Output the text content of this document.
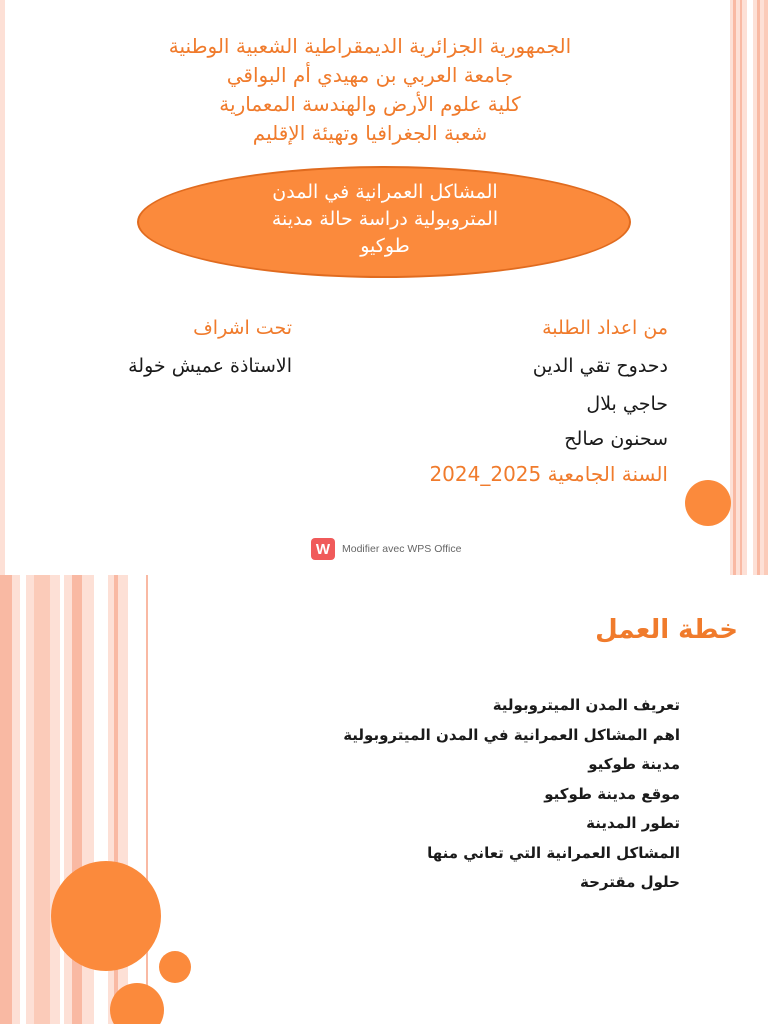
الجمهورية الجزائرية الديمقراطية الشعبية الوطنية
جامعة العربي بن مهيدي أم البواقي
كلية علوم الأرض والهندسة المعمارية
شعبة الجغرافيا وتهيئة الإقليم
المشاكل العمرانية في المدن
المتروبولية دراسة حالة مدينة
طوكيو
من اعداد الطلبة
دحدوح تقي الدين
حاجي بلال
سحنون صالح
تحت اشراف
الاستاذة عميش خولة
السنة الجامعية 2025_2024
W	Modifier avec WPS Office
خطة العمل
تعريف المدن الميتروبولية
اهم المشاكل العمرانية في المدن الميتروبولية
مدينة طوكيو
موقع مدينة طوكيو
تطور المدينة
المشاكل العمرانية التي تعاني منها
حلول مقترحة
